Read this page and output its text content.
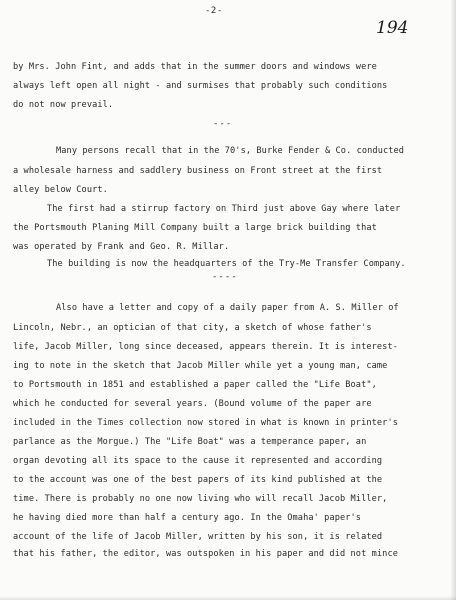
-2-
194
by Mrs. John Fint, and adds that in the summer doors and windows were
always left open all night - and surmises that probably such conditions
do not now prevail.
---
Many persons recall that in the 70's, Burke Fender & Co. conducted
a wholesale harness and saddlery business on Front street at the first
alley below Court.
The first had a stirrup factory on Third just above Gay where later
the Portsmouth Planing Mill Company built a large brick building that
was operated by Frank and Geo. R. Millar.
The building is now the headquarters of the Try-Me Transfer Company.
----
Also have a letter and copy of a daily paper from A. S. Miller of
Lincoln, Nebr., an optician of that city, a sketch of whose father's
life, Jacob Miller, long since deceased, appears therein. It is interest-
ing to note in the sketch that Jacob Miller while yet a young man, came
to Portsmouth in 1851 and established a paper called the "Life Boat",
which he conducted for several years. (Bound volume of the paper are
included in the Times collection now stored in what is known in printer's
parlance as the Morgue.) The "Life Boat" was a temperance paper, an
organ devoting all its space to the cause it represented and according
to the account was one of the best papers of its kind published at the
time. There is probably no one now living who will recall Jacob Miller,
he having died more than half a century ago. In the Omaha' paper's
account of the life of Jacob Miller, written by his son, it is related
that his father, the editor, was outspoken in his paper and did not mince
